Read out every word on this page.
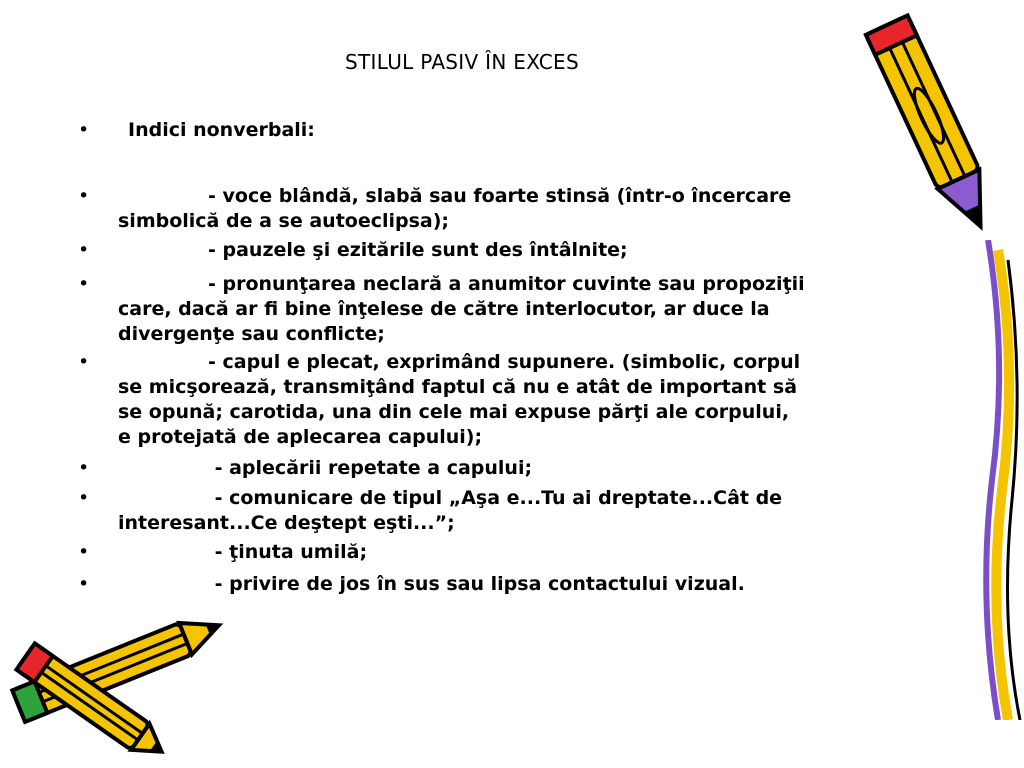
STILUL PASIV ÎN EXCES
•	Indici nonverbali:
•	- voce blândă, slabă sau foarte stinsă (într-o încercare
simbolică de a se autoeclipsa);
•	- pauzele şi ezitările sunt des întâlnite;
•	- pronunţarea neclară a anumitor cuvinte sau propoziţii
care, dacă ar fi bine înţelese de către interlocutor, ar duce la
divergenţe sau conflicte;
•	- capul e plecat, exprimând supunere. (simbolic, corpul
se micşorează, transmiţând faptul că nu e atât de important să
se opună; carotida, una din cele mai expuse părţi ale corpului,
e protejată de aplecarea capului);
•	- aplecării repetate a capului;
•	- comunicare de tipul „Aşa e...Tu ai dreptate...Cât de
interesant...Ce deştept eşti...”;
•	- ţinuta umilă;
•	- privire de jos în sus sau lipsa contactului vizual.
